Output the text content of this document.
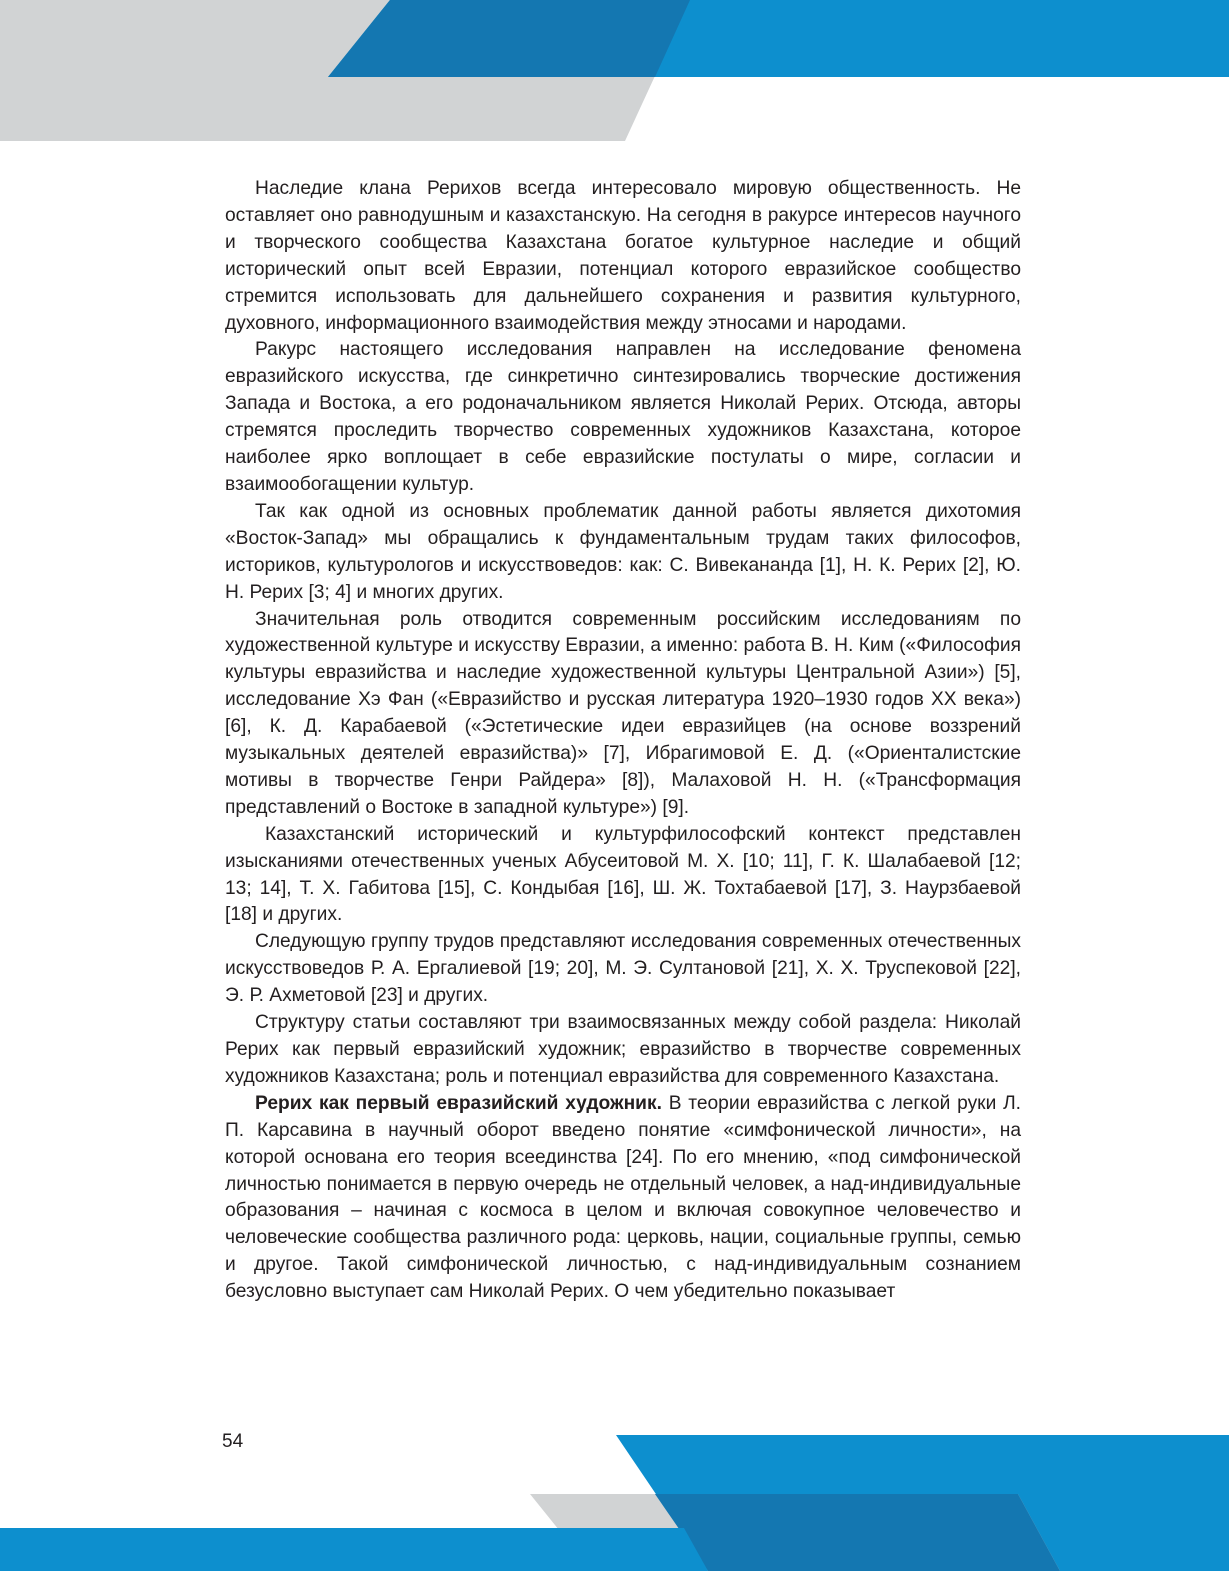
Наследие клана Рерихов всегда интересовало мировую общественность. Не оставляет оно равнодушным и казахстанскую. На сегодня в ракурсе интересов научного и творческого сообщества Казахстана богатое культурное наследие и общий исторический опыт всей Евразии, потенциал которого евразийское сообщество стремится использовать для дальнейшего сохранения и развития культурного, духовного, информационного взаимодействия между этносами и народами.

Ракурс настоящего исследования направлен на исследование феномена евразийского искусства, где синкретично синтезировались творческие достижения Запада и Востока, а его родоначальником является Николай Рерих. Отсюда, авторы стремятся проследить творчество современных художников Казахстана, которое наиболее ярко воплощает в себе евразийские постулаты о мире, согласии и взаимообогащении культур.

Так как одной из основных проблематик данной работы является дихотомия «Восток-Запад» мы обращались к фундаментальным трудам таких философов, историков, культурологов и искусствоведов: как: С. Вивекананда [1], Н. К. Рерих [2], Ю. Н. Рерих [3; 4] и многих других.

Значительная роль отводится современным российским исследованиям по художественной культуре и искусству Евразии, а именно: работа В. Н. Ким («Философия культуры евразийства и наследие художественной культуры Центральной Азии») [5], исследование Хэ Фан («Евразийство и русская литература 1920–1930 годов XX века») [6], К. Д. Карабаевой («Эстетические идеи евразийцев (на основе воззрений музыкальных деятелей евразийства)» [7], Ибрагимовой Е. Д. («Ориенталистские мотивы в творчестве Генри Райдера» [8]), Малаховой Н. Н. («Трансформация представлений о Востоке в западной культуре») [9].

Казахстанский исторический и культурфилософский контекст представлен изысканиями отечественных ученых Абусеитовой М. Х. [10; 11], Г. К. Шалабаевой [12; 13; 14], Т. Х. Габитова [15], С. Кондыбая [16], Ш. Ж. Тохтабаевой [17], З. Наурзбаевой [18] и других.

Следующую группу трудов представляют исследования современных отечественных искусствоведов Р. А. Ергалиевой [19; 20], М. Э. Султановой [21], Х. Х. Труспековой [22], Э. Р. Ахметовой [23] и других.

Структуру статьи составляют три взаимосвязанных между собой раздела: Николай Рерих как первый евразийский художник; евразийство в творчестве современных художников Казахстана; роль и потенциал евразийства для современного Казахстана.

Рерих как первый евразийский художник. В теории евразийства с легкой руки Л. П. Карсавина в научный оборот введено понятие «симфонической личности», на которой основана его теория всеединства [24]. По его мнению, «под симфонической личностью понимается в первую очередь не отдельный человек, а над-индивидуальные образования – начиная с космоса в целом и включая совокупное человечество и человеческие сообщества различного рода: церковь, нации, социальные группы, семью и другое. Такой симфонической личностью, с над-индивидуальным сознанием безусловно выступает сам Николай Рерих. О чем убедительно показывает

54
